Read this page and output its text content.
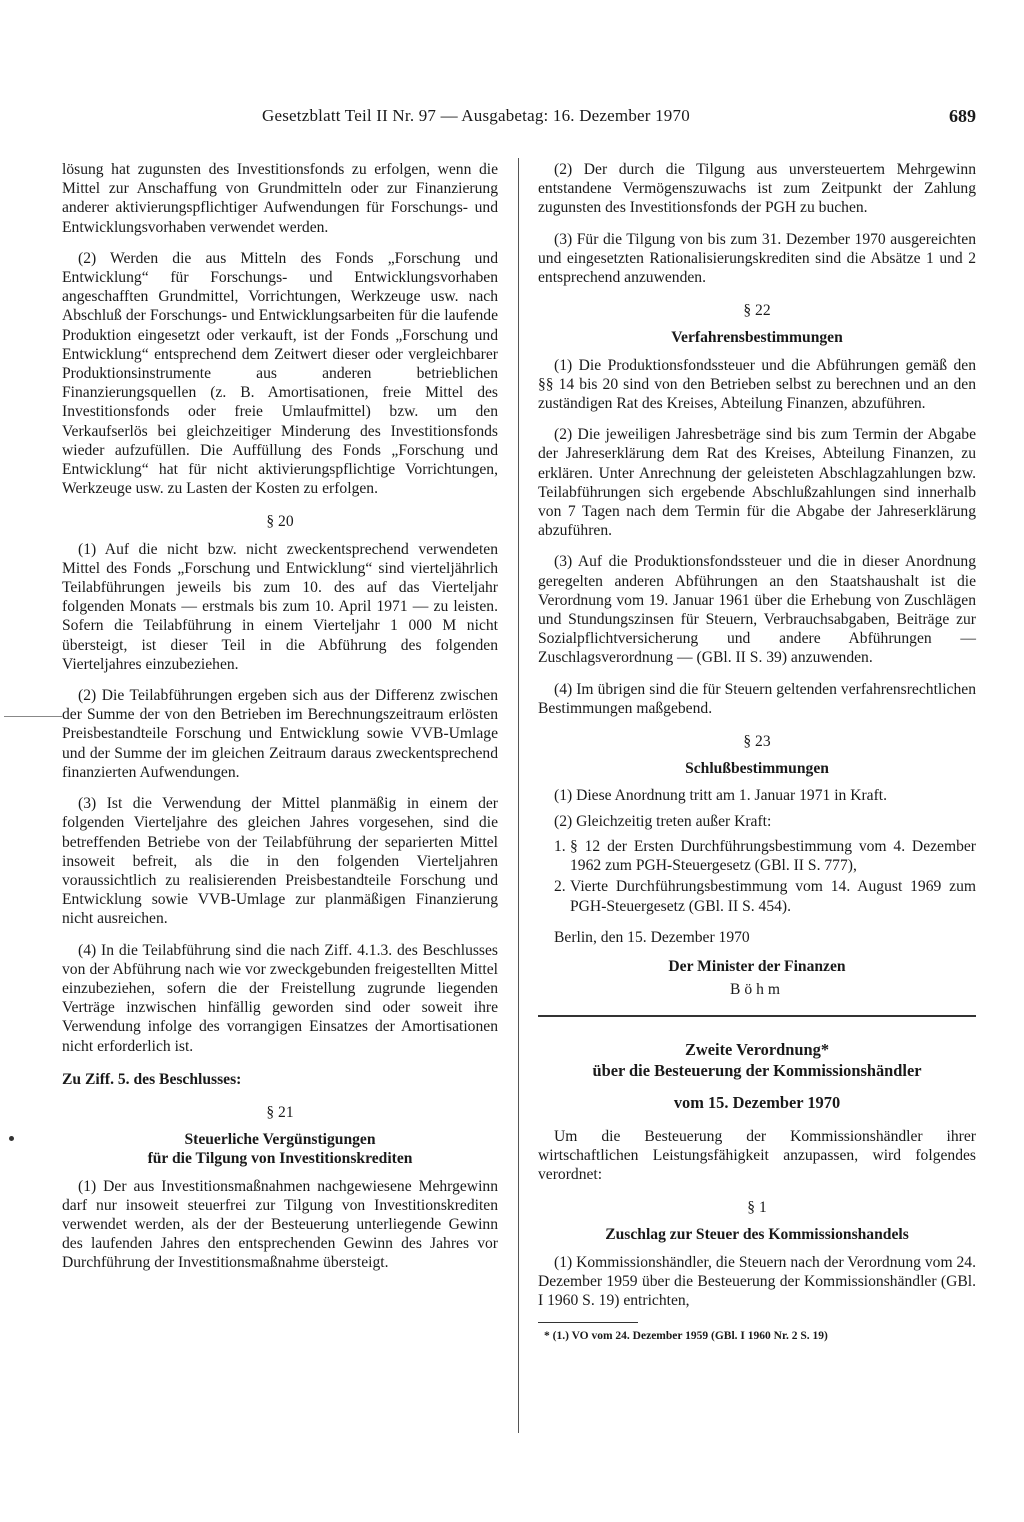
Gesetzblatt Teil II Nr. 97 — Ausgabetag: 16. Dezember 1970	689

lösung hat zugunsten des Investitionsfonds zu erfolgen, wenn die Mittel zur Anschaffung von Grundmitteln oder zur Finanzierung anderer aktivierungspflichtiger Aufwendungen für Forschungs- und Entwicklungsvorhaben verwendet werden.

(2) Werden die aus Mitteln des Fonds „Forschung und Entwicklung“ für Forschungs- und Entwicklungsvorhaben angeschafften Grundmittel, Vorrichtungen, Werkzeuge usw. nach Abschluß der Forschungs- und Entwicklungsarbeiten für die laufende Produktion eingesetzt oder verkauft, ist der Fonds „Forschung und Entwicklung“ entsprechend dem Zeitwert dieser oder vergleichbarer Produktionsinstrumente aus anderen betrieblichen Finanzierungsquellen (z. B. Amortisationen, freie Mittel des Investitionsfonds oder freie Umlaufmittel) bzw. um den Verkaufserlös bei gleichzeitiger Minderung des Investitionsfonds wieder aufzufüllen. Die Auffüllung des Fonds „Forschung und Entwicklung“ hat für nicht aktivierungspflichtige Vorrichtungen, Werkzeuge usw. zu Lasten der Kosten zu erfolgen.

§ 20

(1) Auf die nicht bzw. nicht zweckentsprechend verwendeten Mittel des Fonds „Forschung und Entwicklung“ sind vierteljährlich Teilabführungen jeweils bis zum 10. des auf das Vierteljahr folgenden Monats — erstmals bis zum 10. April 1971 — zu leisten. Sofern die Teilabführung in einem Vierteljahr 1 000 M nicht übersteigt, ist dieser Teil in die Abführung des folgenden Vierteljahres einzubeziehen.

(2) Die Teilabführungen ergeben sich aus der Differenz zwischen der Summe der von den Betrieben im Berechnungszeitraum erlösten Preisbestandteile Forschung und Entwicklung sowie VVB-Umlage und der Summe der im gleichen Zeitraum daraus zweckentsprechend finanzierten Aufwendungen.

(3) Ist die Verwendung der Mittel planmäßig in einem der folgenden Vierteljahre des gleichen Jahres vorgesehen, sind die betreffenden Betriebe von der Teilabführung der separierten Mittel insoweit befreit, als die in den folgenden Vierteljahren voraussichtlich zu realisierenden Preisbestandteile Forschung und Entwicklung sowie VVB-Umlage zur planmäßigen Finanzierung nicht ausreichen.

(4) In die Teilabführung sind die nach Ziff. 4.1.3. des Beschlusses von der Abführung nach wie vor zweckgebunden freigestellten Mittel einzubeziehen, sofern die der Freistellung zugrunde liegenden Verträge inzwischen hinfällig geworden sind oder soweit ihre Verwendung infolge des vorrangigen Einsatzes der Amortisationen nicht erforderlich ist.

Zu Ziff. 5. des Beschlusses:
§ 21
Steuerliche Vergünstigungen
für die Tilgung von Investitionskrediten

(1) Der aus Investitionsmaßnahmen nachgewiesene Mehrgewinn darf nur insoweit steuerfrei zur Tilgung von Investitionskrediten verwendet werden, als der der Besteuerung unterliegende Gewinn des laufenden Jahres den entsprechenden Gewinn des Jahres vor Durchführung der Investitionsmaßnahme übersteigt.

(2) Der durch die Tilgung aus unversteuertem Mehrgewinn entstandene Vermögenszuwachs ist zum Zeitpunkt der Zahlung zugunsten des Investitionsfonds der PGH zu buchen.

(3) Für die Tilgung von bis zum 31. Dezember 1970 ausgereichten und eingesetzten Rationalisierungskrediten sind die Absätze 1 und 2 entsprechend anzuwenden.

§ 22
Verfahrensbestimmungen

(1) Die Produktionsfondssteuer und die Abführungen gemäß den §§ 14 bis 20 sind von den Betrieben selbst zu berechnen und an den zuständigen Rat des Kreises, Abteilung Finanzen, abzuführen.

(2) Die jeweiligen Jahresbeträge sind bis zum Termin der Abgabe der Jahreserklärung dem Rat des Kreises, Abteilung Finanzen, zu erklären. Unter Anrechnung der geleisteten Abschlagzahlungen bzw. Teilabführungen sich ergebende Abschlußzahlungen sind innerhalb von 7 Tagen nach dem Termin für die Abgabe der Jahreserklärung abzuführen.

(3) Auf die Produktionsfondssteuer und die in dieser Anordnung geregelten anderen Abführungen an den Staatshaushalt ist die Verordnung vom 19. Januar 1961 über die Erhebung von Zuschlägen und Stundungszinsen für Steuern, Verbrauchsabgaben, Beiträge zur Sozialpflichtversicherung und andere Abführungen — Zuschlagsverordnung — (GBl. II S. 39) anzuwenden.

(4) Im übrigen sind die für Steuern geltenden verfahrensrechtlichen Bestimmungen maßgebend.

§ 23
Schlußbestimmungen

(1) Diese Anordnung tritt am 1. Januar 1971 in Kraft.

(2) Gleichzeitig treten außer Kraft:

1. § 12 der Ersten Durchführungsbestimmung vom 4. Dezember 1962 zum PGH-Steuergesetz (GBl. II S. 777),
2. Vierte Durchführungsbestimmung vom 14. August 1969 zum PGH-Steuergesetz (GBl. II S. 454).
Berlin, den 15. Dezember 1970
Der Minister der Finanzen
Böhm
Zweite Verordnung*
über die Besteuerung der Kommissionshändler
vom 15. Dezember 1970

Um die Besteuerung der Kommissionshändler ihrer wirtschaftlichen Leistungsfähigkeit anzupassen, wird folgendes verordnet:

§ 1
Zuschlag zur Steuer des Kommissionshandels

(1) Kommissionshändler, die Steuern nach der Verordnung vom 24. Dezember 1959 über die Besteuerung der Kommissionshändler (GBl. I 1960 S. 19) entrichten,

* (1.) VO vom 24. Dezember 1959 (GBl. I 1960 Nr. 2 S. 19)
